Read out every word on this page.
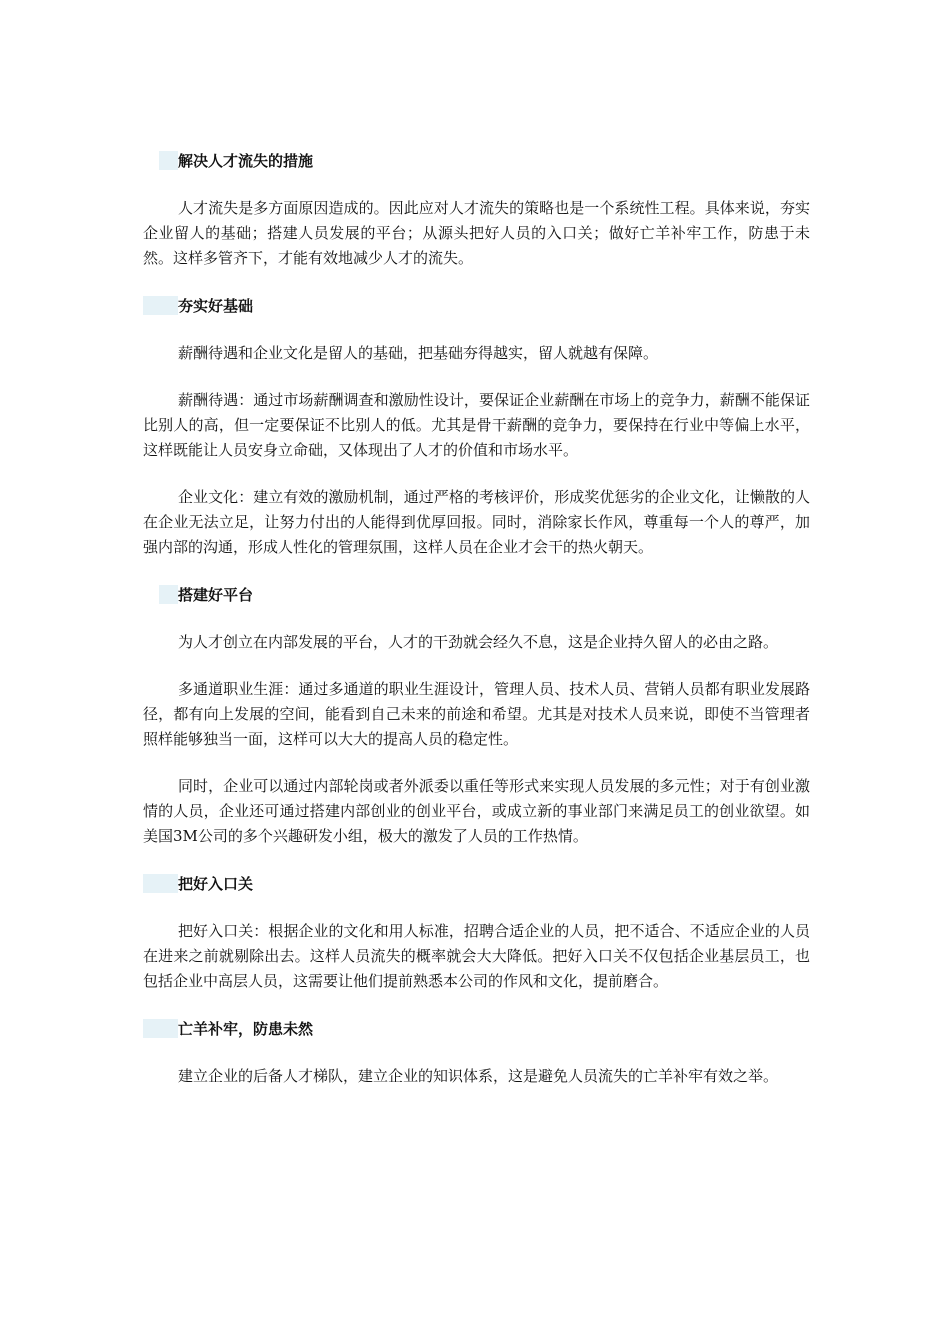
解决人才流失的措施

人才流失是多方面原因造成的。因此应对人才流失的策略也是一个系统性工程。具体来说，夯实企业留人的基础；搭建人员发展的平台；从源头把好人员的入口关；做好亡羊补牢工作，防患于未然。这样多管齐下，才能有效地减少人才的流失。

夯实好基础

薪酬待遇和企业文化是留人的基础，把基础夯得越实，留人就越有保障。

薪酬待遇：通过市场薪酬调查和激励性设计，要保证企业薪酬在市场上的竞争力，薪酬不能保证比别人的高，但一定要保证不比别人的低。尤其是骨干薪酬的竞争力，要保持在行业中等偏上水平，这样既能让人员安身立命础，又体现出了人才的价值和市场水平。

企业文化：建立有效的激励机制，通过严格的考核评价，形成奖优惩劣的企业文化，让懒散的人在企业无法立足，让努力付出的人能得到优厚回报。同时，消除家长作风，尊重每一个人的尊严，加强内部的沟通，形成人性化的管理氛围，这样人员在企业才会干的热火朝天。

搭建好平台

为人才创立在内部发展的平台，人才的干劲就会经久不息，这是企业持久留人的必由之路。

多通道职业生涯：通过多通道的职业生涯设计，管理人员、技术人员、营销人员都有职业发展路径，都有向上发展的空间，能看到自己未来的前途和希望。尤其是对技术人员来说，即使不当管理者照样能够独当一面，这样可以大大的提高人员的稳定性。

同时，企业可以通过内部轮岗或者外派委以重任等形式来实现人员发展的多元性；对于有创业激情的人员，企业还可通过搭建内部创业的创业平台，或成立新的事业部门来满足员工的创业欲望。如美国3M公司的多个兴趣研发小组，极大的激发了人员的工作热情。

把好入口关

把好入口关：根据企业的文化和用人标准，招聘合适企业的人员，把不适合、不适应企业的人员在进来之前就剔除出去。这样人员流失的概率就会大大降低。把好入口关不仅包括企业基层员工，也包括企业中高层人员，这需要让他们提前熟悉本公司的作风和文化，提前磨合。

亡羊补牢，防患未然

建立企业的后备人才梯队，建立企业的知识体系，这是避免人员流失的亡羊补牢有效之举。
